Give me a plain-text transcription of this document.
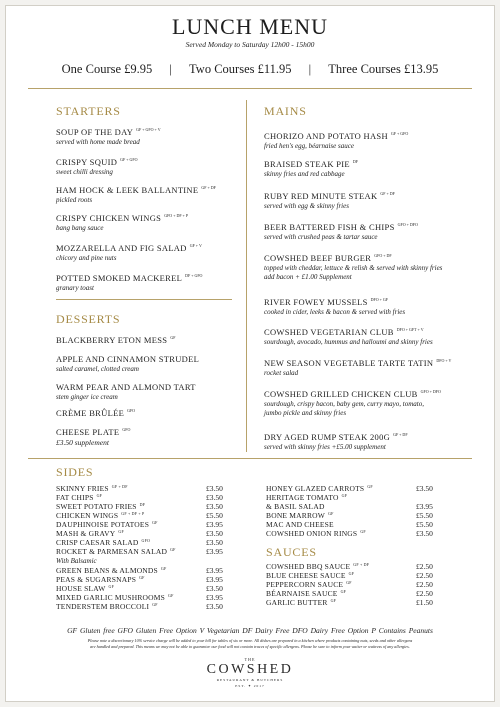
LUNCH MENU
Served Monday to Saturday 12h00 - 15h00
One Course £9.95 | Two Courses £11.95 | Three Courses £13.95
STARTERS
SOUP OF THE DAY $^{GF + GFO + V}$
served with home made bread
CRISPY SQUID $^{GF + GFO}$
sweet chilli dressing
HAM HOCK & LEEK BALLANTINE $^{GF + DF}$
pickled roots
CRISPY CHICKEN WINGS $^{GFO + DF + P}$
bang bang sauce
MOZZARELLA AND FIG SALAD $^{GF + V}$
chicory and pine nuts
POTTED SMOKED MACKEREL $^{DF + GFO}$
granary toast
DESSERTS
BLACKBERRY ETON MESS $^{GF}$
APPLE AND CINNAMON STRUDEL
salted caramel, clotted cream
WARM PEAR AND ALMOND TART
stem ginger ice cream
CRÈME BRÛLÉE $^{GFO}$
CHEESE PLATE $^{GFO}$
£3.50 supplement
MAINS
CHORIZO AND POTATO HASH $^{GF + GFO}$
fried hen's egg, béarnaise sauce
BRAISED STEAK PIE $^{DF}$
skinny fries and red cabbage
RUBY RED MINUTE STEAK $^{GF + DF}$
served with egg & skinny fries
BEER BATTERED FISH & CHIPS $^{GFO + DFO}$
served with crushed peas & tartar sauce
COWSHED BEEF BURGER $^{GFO + DF}$
topped with cheddar, lettuce & relish & served with skinny fries
add bacon + £1.00 Supplement
RIVER FOWEY MUSSELS $^{DFO + GF}$
cooked in cider, leeks & bacon & served with fries
COWSHED VEGETARIAN CLUB $^{DFO + GFT + V}$
sourdough, avocado, hummus and halloumi and skinny fries
NEW SEASON VEGETABLE TARTE TATIN $^{DFO + V}$
rocket salad
COWSHED GRILLED CHICKEN CLUB $^{GFO + DFO}$
sourdough, crispy bacon, baby gem, curry mayo, tomato,
jumbo pickle and skinny fries
DRY AGED RUMP STEAK 200G $^{GF + DF}$
served with skinny fries +£5.00 supplement
SIDES
SKINNY FRIES $^{GF + DF}$	£3.50
FAT CHIPS $^{GF}$	£3.50
SWEET POTATO FRIES $^{DF}$	£3.50
CHICKEN WINGS $^{GF + DF + P}$	£5.50
DAUPHINOISE POTATOES $^{GF}$	£3.95
MASH & GRAVY $^{GF}$	£3.50
CRISP CAESAR SALAD $^{GFO}$	£3.50
ROCKET & PARMESAN SALAD $^{GF}$	£3.95
With Balsamic
GREEN BEANS & ALMONDS $^{GF}$	£3.95
PEAS & SUGARSNAPS $^{GF}$	£3.95
HOUSE SLAW $^{GF}$	£3.50
MIXED GARLIC MUSHROOMS $^{GF}$	£3.95
TENDERSTEM BROCCOLI $^{GF}$	£3.50
HONEY GLAZED CARROTS $^{GF}$	£3.50
HERITAGE TOMATO $^{GF}$
& BASIL SALAD	£3.95
BONE MARROW $^{GF}$	£5.50
MAC AND CHEESE	£5.50
COWSHED ONION RINGS $^{GF}$	£3.50
SAUCES
COWSHED BBQ SAUCE $^{GF + DF}$	£2.50
BLUE CHEESE SAUCE $^{GF}$	£2.50
PEPPERCORN SAUCE $^{GF}$	£2.50
BÉARNAISE SAUCE $^{GF}$	£2.50
GARLIC BUTTER $^{GF}$	£1.50
GF Gluten free GFO Gluten Free Option V Vegetarian DF Dairy Free DFO Dairy Free Option P Contains Peanuts
Please note a discretionary 10% service charge will be added to your bill for tables of six or more. All dishes are prepared in a kitchen where products containing nuts, seeds and other allergens
are handled and prepared. This means we may not be able to guarantee our food will not contain traces of specific allergens. Please be sure to inform your waiter or waitress of any allergies.
THE
COWSHED
RESTAURANT & BUTCHERS
EST. ✦ 2017
